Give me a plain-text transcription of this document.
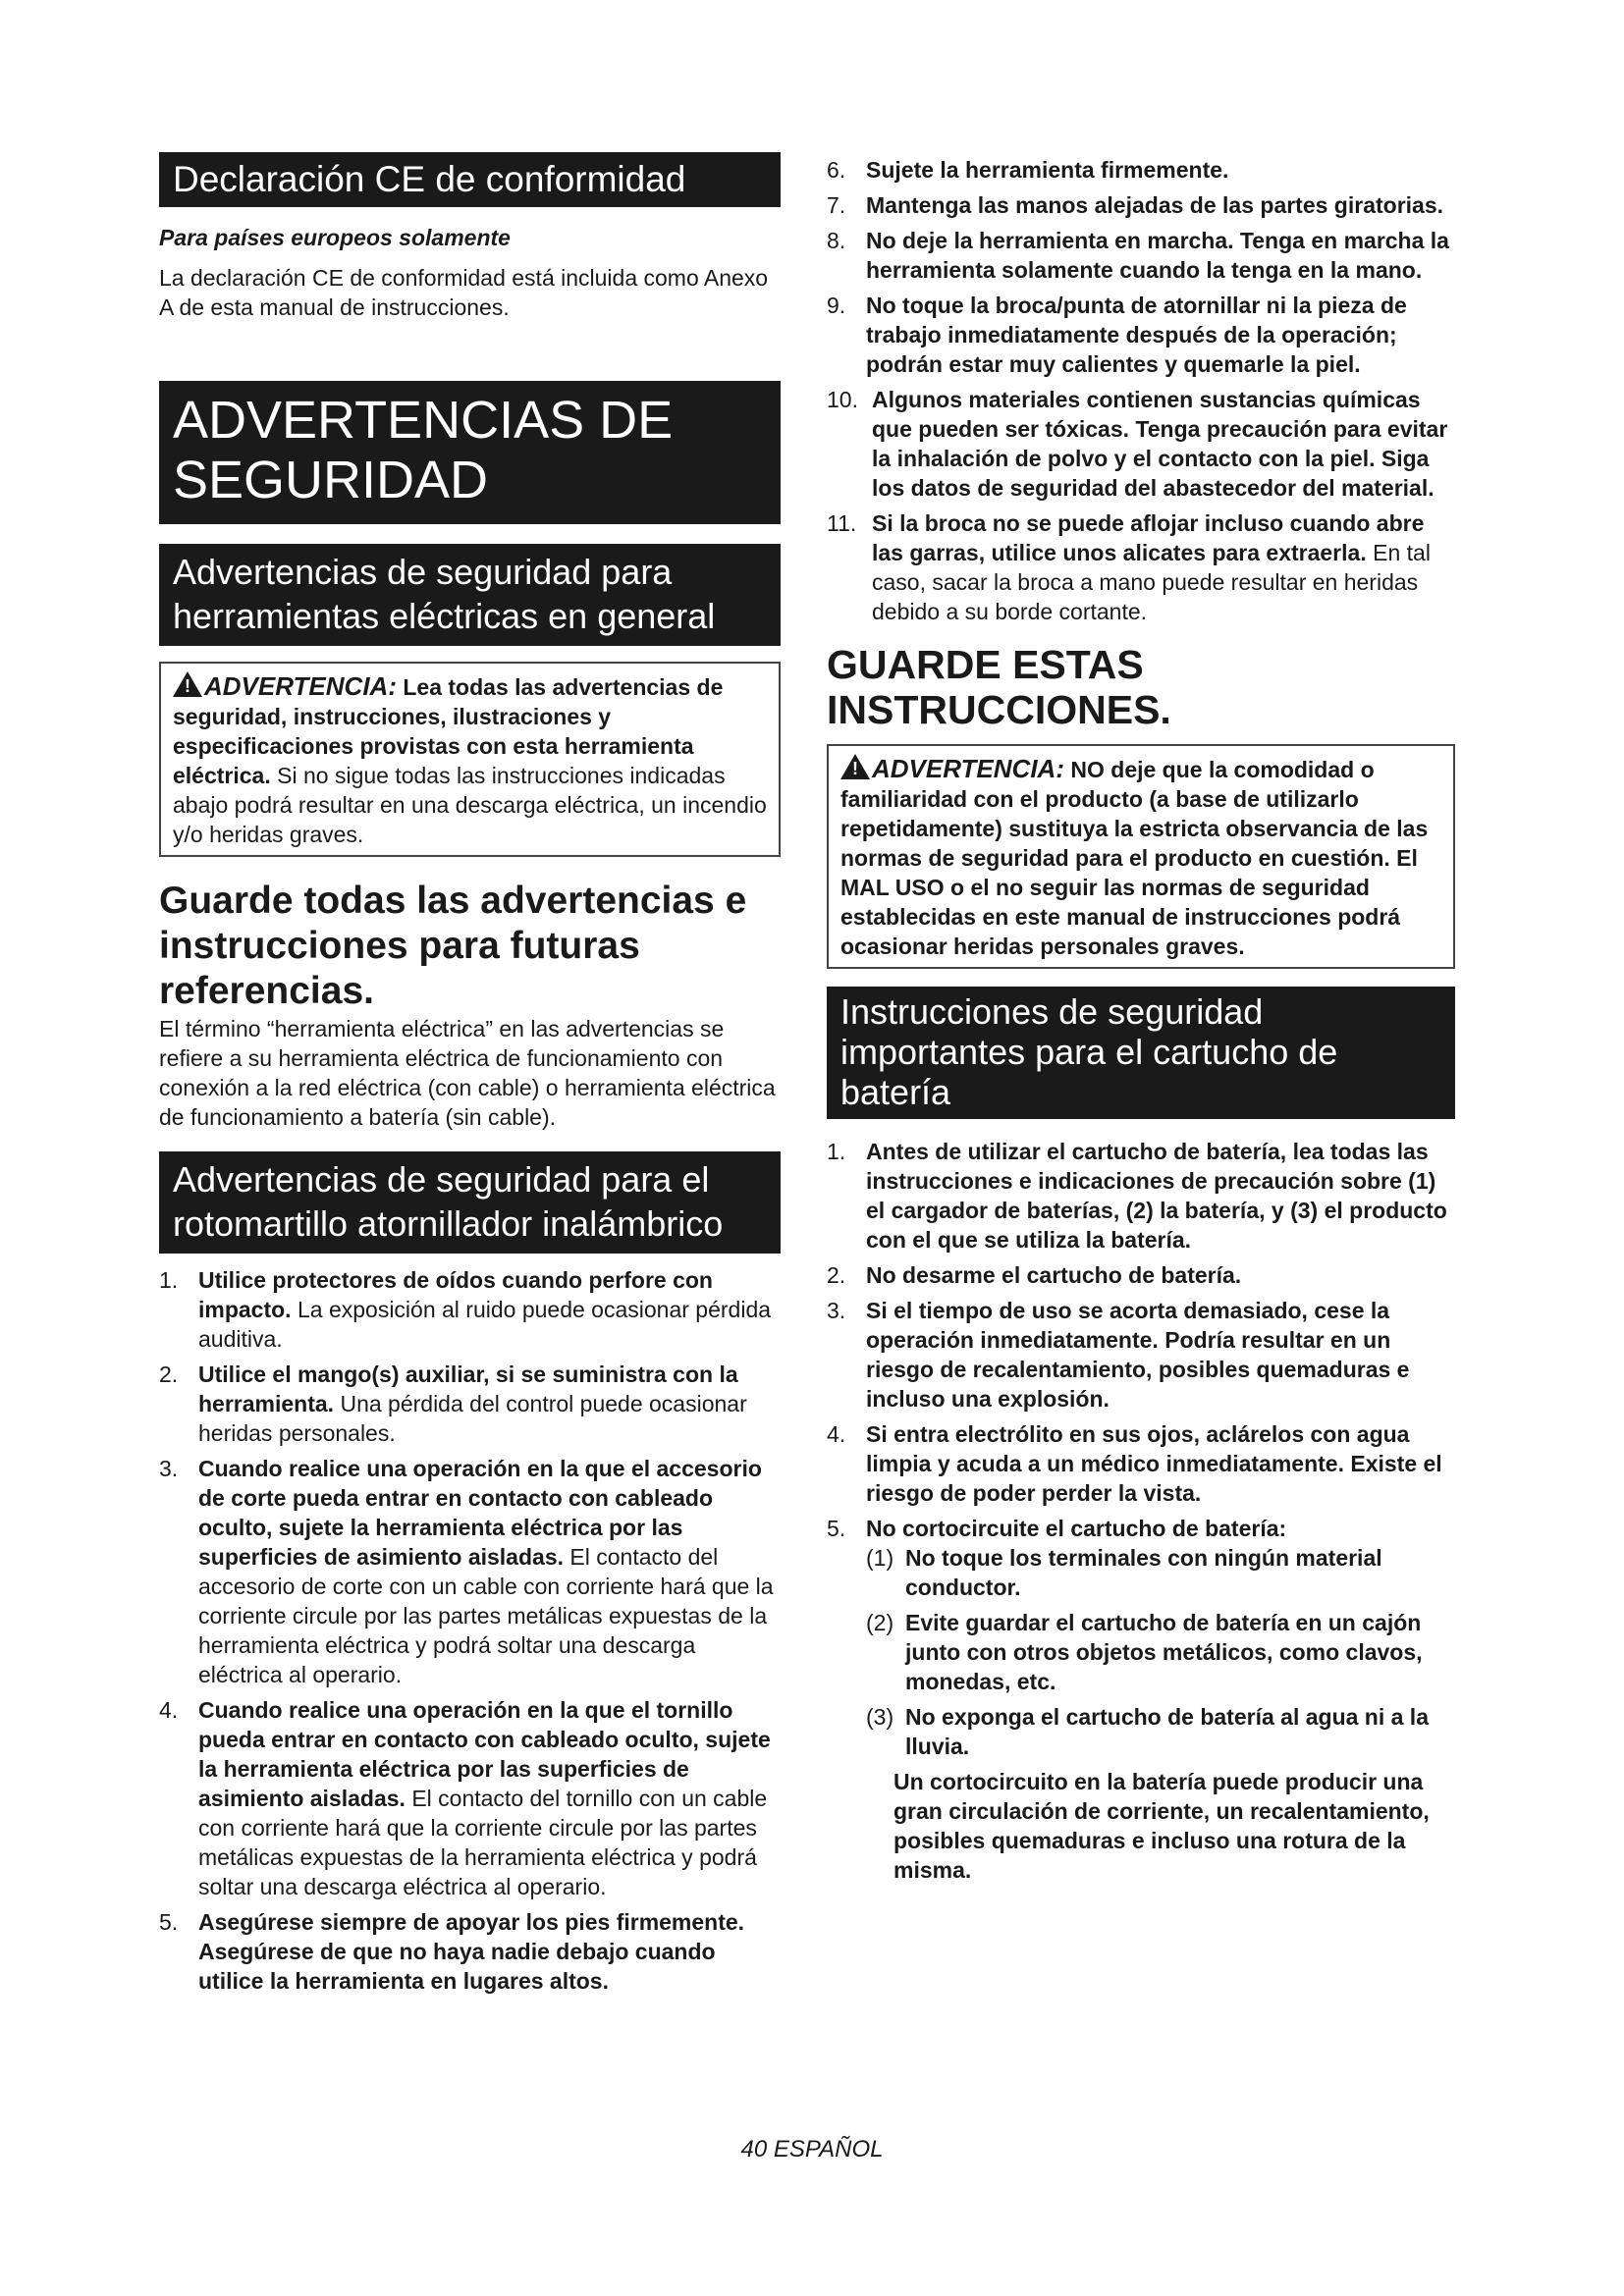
Declaración CE de conformidad
Para países europeos solamente

La declaración CE de conformidad está incluida como Anexo A de esta manual de instrucciones.

ADVERTENCIAS DE
SEGURIDAD
Advertencias de seguridad para herramientas eléctricas en general

!ADVERTENCIA: Lea todas las advertencias de seguridad, instrucciones, ilustraciones y especificaciones provistas con esta herramienta eléctrica. Si no sigue todas las instrucciones indicadas abajo podrá resultar en una descarga eléctrica, un incendio y/o heridas graves.

Guarde todas las advertencias e instrucciones para futuras referencias.

El término “herramienta eléctrica” en las advertencias se refiere a su herramienta eléctrica de funcionamiento con conexión a la red eléctrica (con cable) o herramienta eléctrica de funcionamiento a batería (sin cable).

Advertencias de seguridad para el rotomartillo atornillador inalámbrico
1. Utilice protectores de oídos cuando perfore con impacto. La exposición al ruido puede ocasionar pérdida auditiva.
2. Utilice el mango(s) auxiliar, si se suministra con la herramienta. Una pérdida del control puede ocasionar heridas personales.
3. Cuando realice una operación en la que el accesorio de corte pueda entrar en contacto con cableado oculto, sujete la herramienta eléctrica por las superficies de asimiento aisladas. El contacto del accesorio de corte con un cable con corriente hará que la corriente circule por las partes metálicas expuestas de la herramienta eléctrica y podrá soltar una descarga eléctrica al operario.
4. Cuando realice una operación en la que el tornillo pueda entrar en contacto con cableado oculto, sujete la herramienta eléctrica por las superficies de asimiento aisladas. El contacto del tornillo con un cable con corriente hará que la corriente circule por las partes metálicas expuestas de la herramienta eléctrica y podrá soltar una descarga eléctrica al operario.
5. Asegúrese siempre de apoyar los pies firmemente. Asegúrese de que no haya nadie debajo cuando utilice la herramienta en lugares altos.
6. Sujete la herramienta firmemente.
7. Mantenga las manos alejadas de las partes giratorias.
8. No deje la herramienta en marcha. Tenga en marcha la herramienta solamente cuando la tenga en la mano.
9. No toque la broca/punta de atornillar ni la pieza de trabajo inmediatamente después de la operación; podrán estar muy calientes y quemarle la piel.
10. Algunos materiales contienen sustancias químicas que pueden ser tóxicas. Tenga precaución para evitar la inhalación de polvo y el contacto con la piel. Siga los datos de seguridad del abastecedor del material.
11. Si la broca no se puede aflojar incluso cuando abre las garras, utilice unos alicates para extraerla. En tal caso, sacar la broca a mano puede resultar en heridas debido a su borde cortante.
GUARDE ESTAS
INSTRUCCIONES.

!ADVERTENCIA: NO deje que la comodidad o familiaridad con el producto (a base de utilizarlo repetidamente) sustituya la estricta observancia de las normas de seguridad para el producto en cuestión. El MAL USO o el no seguir las normas de seguridad establecidas en este manual de instrucciones podrá ocasionar heridas personales graves.

Instrucciones de seguridad importantes para el cartucho de batería
1. Antes de utilizar el cartucho de batería, lea todas las instrucciones e indicaciones de precaución sobre (1) el cargador de baterías, (2) la batería, y (3) el producto con el que se utiliza la batería.
2. No desarme el cartucho de batería.
3. Si el tiempo de uso se acorta demasiado, cese la operación inmediatamente. Podría resultar en un riesgo de recalentamiento, posibles quemaduras e incluso una explosión.
4. Si entra electrólito en sus ojos, aclárelos con agua limpia y acuda a un médico inmediatamente. Existe el riesgo de poder perder la vista.
5. No cortocircuite el cartucho de batería:
(1) No toque los terminales con ningún material conductor.
(2) Evite guardar el cartucho de batería en un cajón junto con otros objetos metálicos, como clavos, monedas, etc.
(3) No exponga el cartucho de batería al agua ni a la lluvia.
Un cortocircuito en la batería puede producir una gran circulación de corriente, un recalentamiento, posibles quemaduras e incluso una rotura de la misma.
40 ESPAÑOL
